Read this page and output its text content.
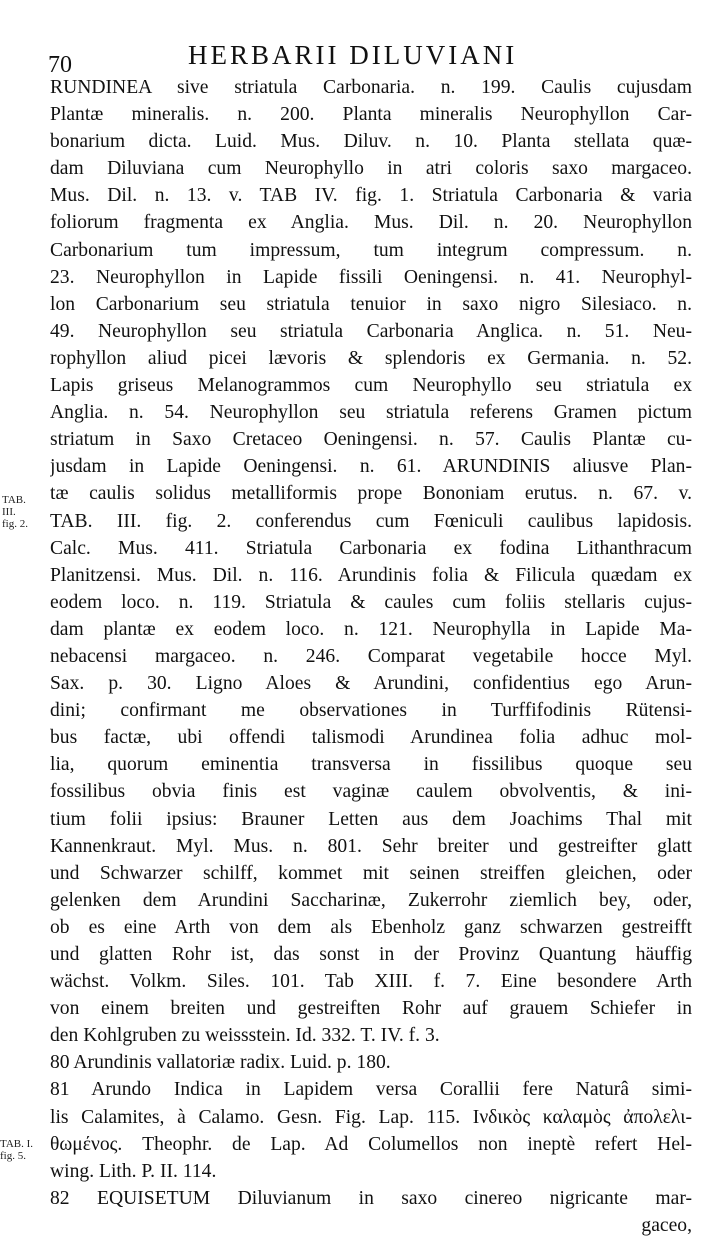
70	HERBARII DILUVIANI
TAB.
III.
fig. 2.
TAB. I.
fig. 5.
RUNDINEA sive striatula Carbonaria. n. 199. Caulis cujusdam
Plantæ mineralis. n. 200. Planta mineralis Neurophyllon Car-
bonarium dicta. Luid. Mus. Diluv. n. 10. Planta stellata quæ-
dam Diluviana cum Neurophyllo in atri coloris saxo margaceo.
Mus. Dil. n. 13. v. TAB IV. fig. 1. Striatula Carbonaria & varia
foliorum fragmenta ex Anglia. Mus. Dil. n. 20. Neurophyllon
Carbonarium tum impressum, tum integrum compressum. n.
23. Neurophyllon in Lapide fissili Oeningensi. n. 41. Neurophyl-
lon Carbonarium seu striatula tenuior in saxo nigro Silesiaco. n.
49. Neurophyllon seu striatula Carbonaria Anglica. n. 51. Neu-
rophyllon aliud picei lævoris & splendoris ex Germania. n. 52.
Lapis griseus Melanogrammos cum Neurophyllo seu striatula ex
Anglia. n. 54. Neurophyllon seu striatula referens Gramen pictum
striatum in Saxo Cretaceo Oeningensi. n. 57. Caulis Plantæ cu-
jusdam in Lapide Oeningensi. n. 61. ARUNDINIS aliusve Plan-
tæ caulis solidus metalliformis prope Bononiam erutus. n. 67. v.
TAB. III. fig. 2. conferendus cum Fœniculi caulibus lapidosis.
Calc. Mus. 411. Striatula Carbonaria ex fodina Lithanthracum
Planitzensi. Mus. Dil. n. 116. Arundinis folia & Filicula quædam ex
eodem loco. n. 119. Striatula & caules cum foliis stellaris cujus-
dam plantæ ex eodem loco. n. 121. Neurophylla in Lapide Ma-
nebacensi margaceo. n. 246. Comparat vegetabile hocce Myl.
Sax. p. 30. Ligno Aloes & Arundini, confidentius ego Arun-
dini; confirmant me observationes in Turffifodinis Rütensi-
bus factæ, ubi offendi talismodi Arundinea folia adhuc mol-
lia, quorum eminentia transversa in fissilibus quoque seu
fossilibus obvia finis est vaginæ caulem obvolventis, & ini-
tium folii ipsius: Brauner Letten aus dem Joachims Thal mit
Kannenkraut. Myl. Mus. n. 801. Sehr breiter und gestreifter glatt
und Schwarzer schilff, kommet mit seinen streiffen gleichen, oder
gelenken dem Arundini Saccharinæ, Zukerrohr ziemlich bey, oder,
ob es eine Arth von dem als Ebenholz ganz schwarzen gestreifft
und glatten Rohr ist, das sonst in der Provinz Quantung häuffig
wächst. Volkm. Siles. 101. Tab XIII. f. 7. Eine besondere Arth
von einem breiten und gestreiften Rohr auf grauem Schiefer in
den Kohlgruben zu weissstein. Id. 332. T. IV. f. 3.
80 Arundinis vallatoriæ radix. Luid. p. 180.
81 Arundo Indica in Lapidem versa Corallii fere Naturâ simi-
lis Calamites, à Calamo. Gesn. Fig. Lap. 115. Ινδικὸς καλαμὸς ἀπολελι-
θωμένος. Theophr. de Lap. Ad Columellos non ineptè refert Hel-
wing. Lith. P. II. 114.
82 EQUISETUM Diluvianum in saxo cinereo nigricante mar-
gaceo,
